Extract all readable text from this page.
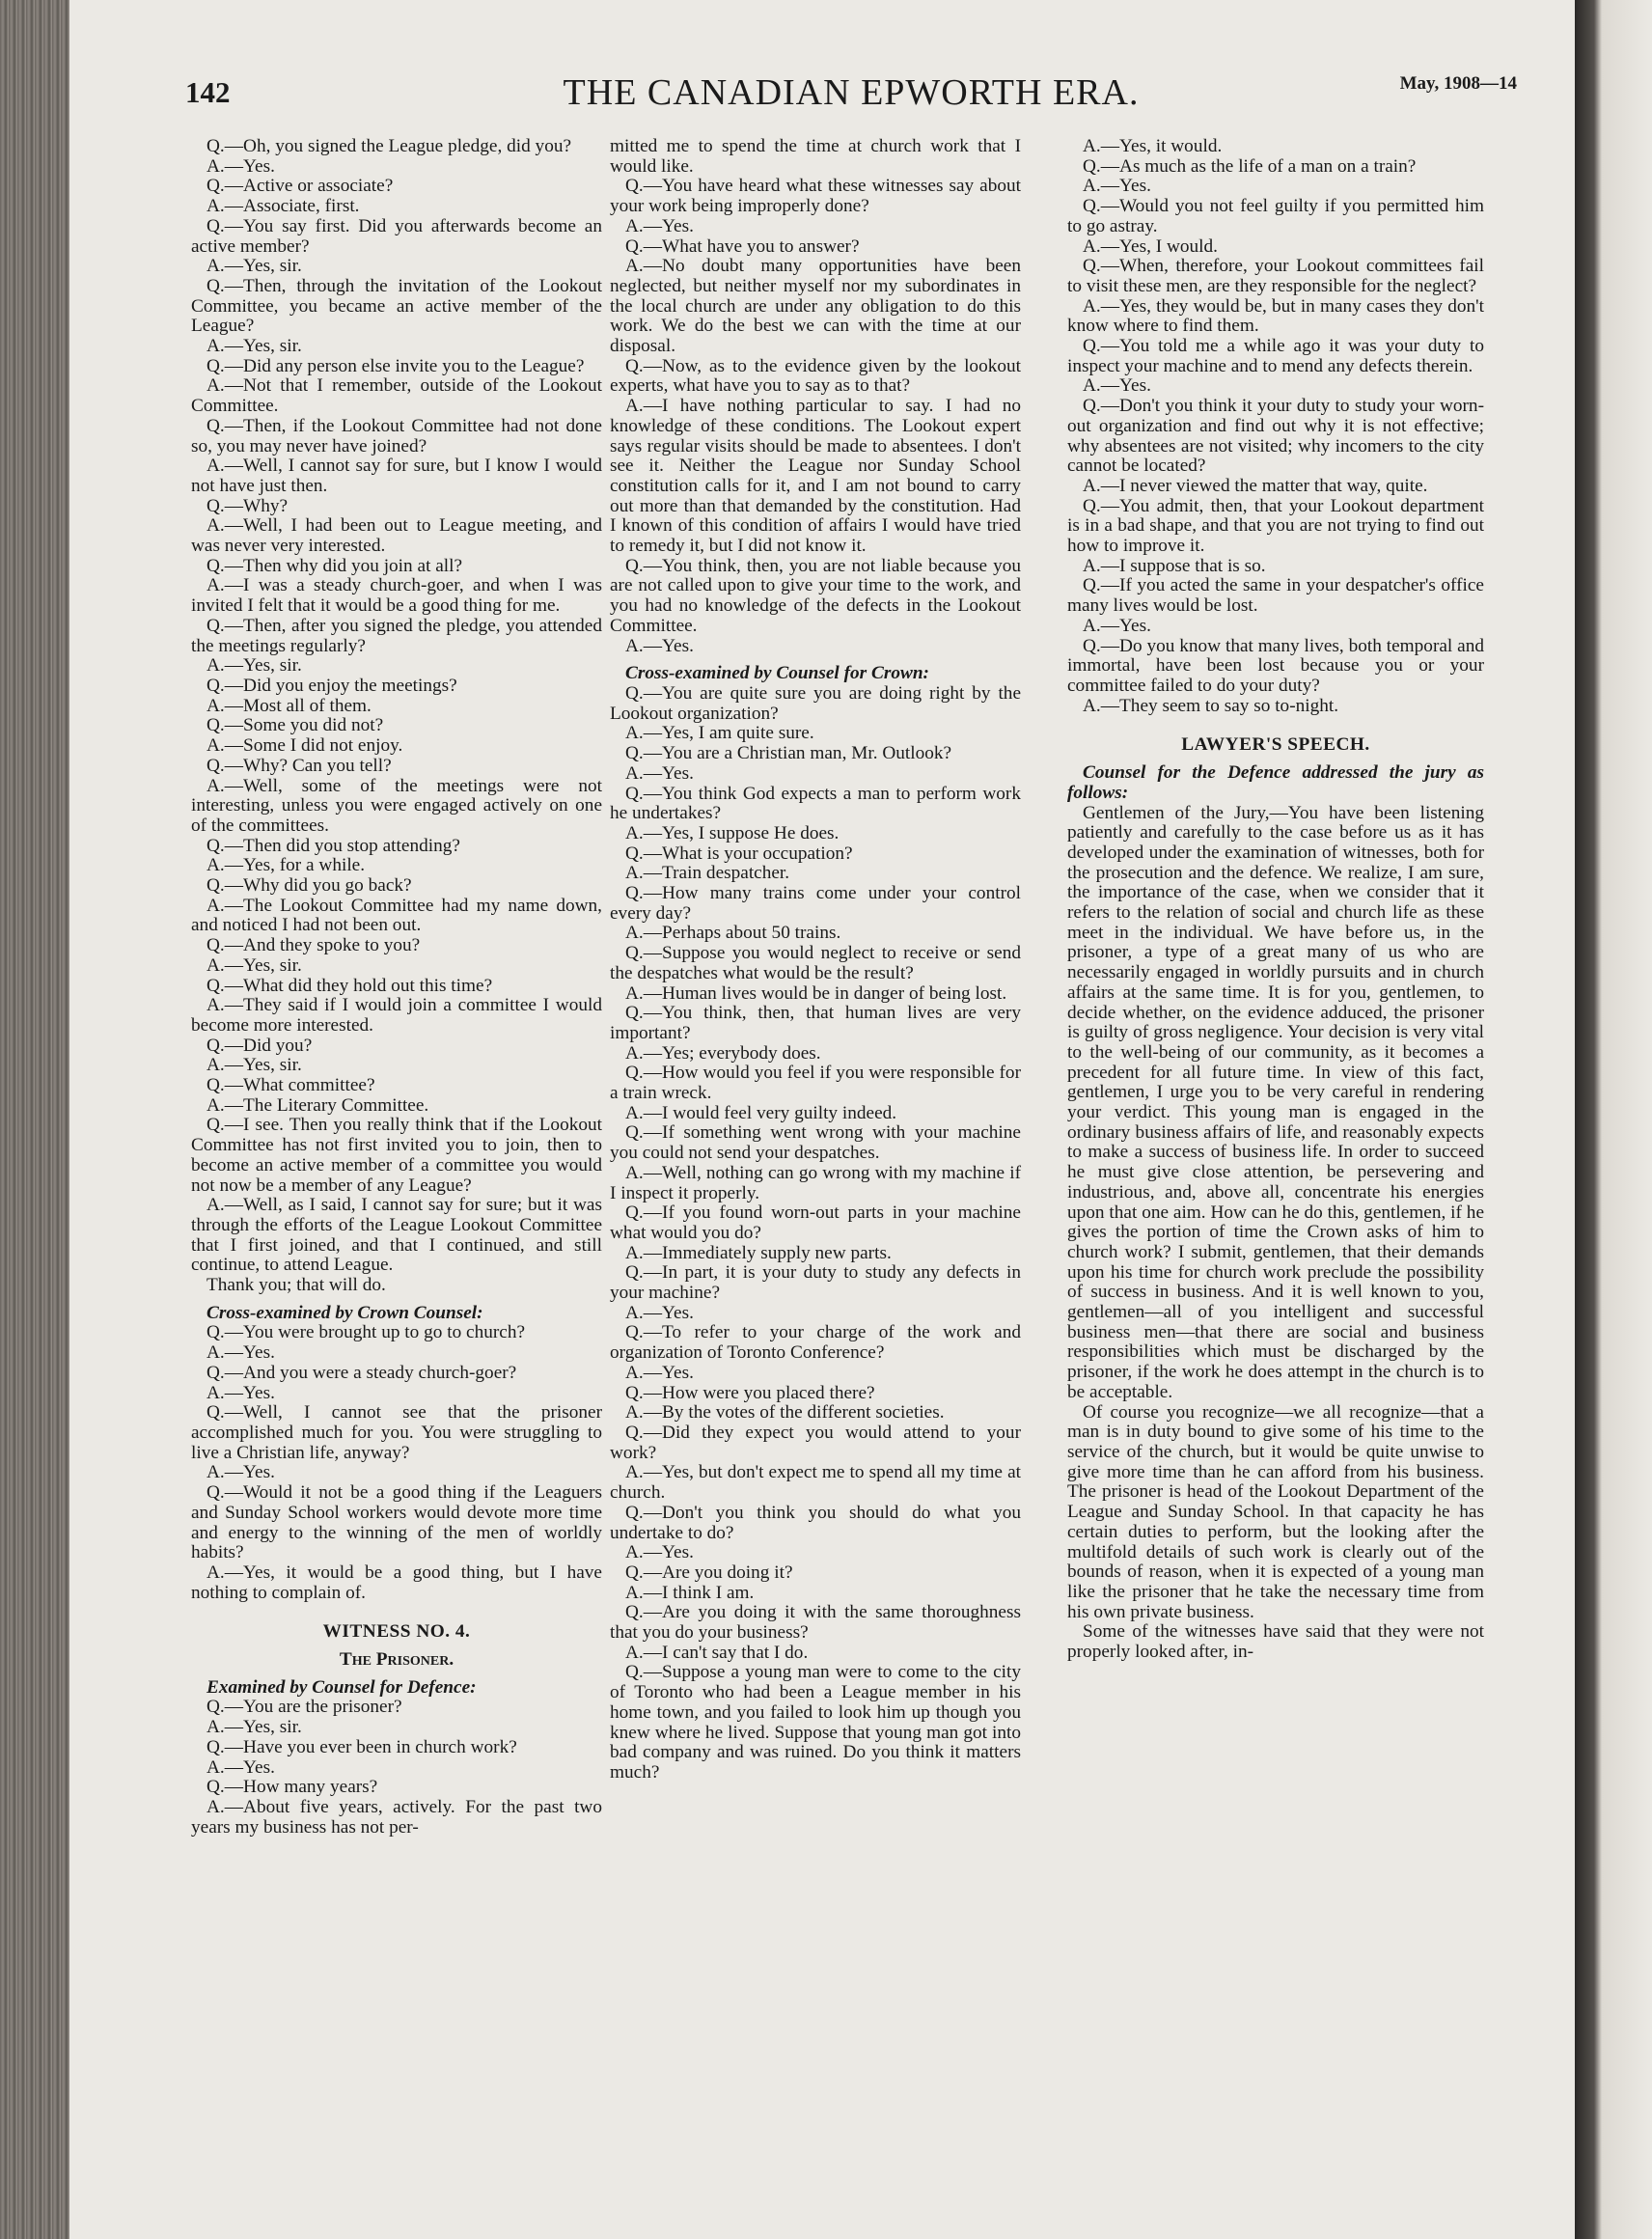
142	THE CANADIAN EPWORTH ERA.	May, 1908—14

Q.—Oh, you signed the League pledge, did you?

A.—Yes.

Q.—Active or associate?

A.—Associate, first.

Q.—You say first. Did you afterwards become an active member?

A.—Yes, sir.

Q.—Then, through the invitation of the Lookout Committee, you became an active member of the League?

A.—Yes, sir.

Q.—Did any person else invite you to the League?

A.—Not that I remember, outside of the Lookout Committee.

Q.—Then, if the Lookout Committee had not done so, you may never have joined?

A.—Well, I cannot say for sure, but I know I would not have just then.

Q.—Why?

A.—Well, I had been out to League meeting, and was never very interested.

Q.—Then why did you join at all?

A.—I was a steady church-goer, and when I was invited I felt that it would be a good thing for me.

Q.—Then, after you signed the pledge, you attended the meetings regularly?

A.—Yes, sir.

Q.—Did you enjoy the meetings?

A.—Most all of them.

Q.—Some you did not?

A.—Some I did not enjoy.

Q.—Why? Can you tell?

A.—Well, some of the meetings were not interesting, unless you were engaged actively on one of the committees.

Q.—Then did you stop attending?

A.—Yes, for a while.

Q.—Why did you go back?

A.—The Lookout Committee had my name down, and noticed I had not been out.

Q.—And they spoke to you?

A.—Yes, sir.

Q.—What did they hold out this time?

A.—They said if I would join a committee I would become more interested.

Q.—Did you?

A.—Yes, sir.

Q.—What committee?

A.—The Literary Committee.

Q.—I see. Then you really think that if the Lookout Committee has not first invited you to join, then to become an active member of a committee you would not now be a member of any League?

A.—Well, as I said, I cannot say for sure; but it was through the efforts of the League Lookout Committee that I first joined, and that I continued, and still continue, to attend League.

Thank you; that will do.

Cross-examined by Crown Counsel:

Q.—You were brought up to go to church?

A.—Yes.

Q.—And you were a steady church-goer?

A.—Yes.

Q.—Well, I cannot see that the prisoner accomplished much for you. You were struggling to live a Christian life, anyway?

A.—Yes.

Q.—Would it not be a good thing if the Leaguers and Sunday School workers would devote more time and energy to the winning of the men of worldly habits?

A.—Yes, it would be a good thing, but I have nothing to complain of.

WITNESS NO. 4.

The Prisoner.

Examined by Counsel for Defence:

Q.—You are the prisoner?

A.—Yes, sir.

Q.—Have you ever been in church work?

A.—Yes.

Q.—How many years?

A.—About five years, actively. For the past two years my business has not per-

mitted me to spend the time at church work that I would like.

Q.—You have heard what these witnesses say about your work being improperly done?

A.—Yes.

Q.—What have you to answer?

A.—No doubt many opportunities have been neglected, but neither myself nor my subordinates in the local church are under any obligation to do this work. We do the best we can with the time at our disposal.

Q.—Now, as to the evidence given by the lookout experts, what have you to say as to that?

A.—I have nothing particular to say. I had no knowledge of these conditions. The Lookout expert says regular visits should be made to absentees. I don't see it. Neither the League nor Sunday School constitution calls for it, and I am not bound to carry out more than that demanded by the constitution. Had I known of this condition of affairs I would have tried to remedy it, but I did not know it.

Q.—You think, then, you are not liable because you are not called upon to give your time to the work, and you had no knowledge of the defects in the Lookout Committee.

A.—Yes.

Cross-examined by Counsel for Crown:

Q.—You are quite sure you are doing right by the Lookout organization?

A.—Yes, I am quite sure.

Q.—You are a Christian man, Mr. Outlook?

A.—Yes.

Q.—You think God expects a man to perform work he undertakes?

A.—Yes, I suppose He does.

Q.—What is your occupation?

A.—Train despatcher.

Q.—How many trains come under your control every day?

A.—Perhaps about 50 trains.

Q.—Suppose you would neglect to receive or send the despatches what would be the result?

A.—Human lives would be in danger of being lost.

Q.—You think, then, that human lives are very important?

A.—Yes; everybody does.

Q.—How would you feel if you were responsible for a train wreck.

A.—I would feel very guilty indeed.

Q.—If something went wrong with your machine you could not send your despatches.

A.—Well, nothing can go wrong with my machine if I inspect it properly.

Q.—If you found worn-out parts in your machine what would you do?

A.—Immediately supply new parts.

Q.—In part, it is your duty to study any defects in your machine?

A.—Yes.

Q.—To refer to your charge of the work and organization of Toronto Conference?

A.—Yes.

Q.—How were you placed there?

A.—By the votes of the different societies.

Q.—Did they expect you would attend to your work?

A.—Yes, but don't expect me to spend all my time at church.

Q.—Don't you think you should do what you undertake to do?

A.—Yes.

Q.—Are you doing it?

A.—I think I am.

Q.—Are you doing it with the same thoroughness that you do your business?

A.—I can't say that I do.

Q.—Suppose a young man were to come to the city of Toronto who had been a League member in his home town, and you failed to look him up though you knew where he lived. Suppose that young man got into bad company and was ruined. Do you think it matters much?

A.—Yes, it would.

Q.—As much as the life of a man on a train?

A.—Yes.

Q.—Would you not feel guilty if you permitted him to go astray.

A.—Yes, I would.

Q.—When, therefore, your Lookout committees fail to visit these men, are they responsible for the neglect?

A.—Yes, they would be, but in many cases they don't know where to find them.

Q.—You told me a while ago it was your duty to inspect your machine and to mend any defects therein.

A.—Yes.

Q.—Don't you think it your duty to study your worn-out organization and find out why it is not effective; why absentees are not visited; why incomers to the city cannot be located?

A.—I never viewed the matter that way, quite.

Q.—You admit, then, that your Lookout department is in a bad shape, and that you are not trying to find out how to improve it.

A.—I suppose that is so.

Q.—If you acted the same in your despatcher's office many lives would be lost.

A.—Yes.

Q.—Do you know that many lives, both temporal and immortal, have been lost because you or your committee failed to do your duty?

A.—They seem to say so to-night.

LAWYER'S SPEECH.

Counsel for the Defence addressed the jury as follows:

Gentlemen of the Jury,—You have been listening patiently and carefully to the case before us as it has developed under the examination of witnesses, both for the prosecution and the defence. We realize, I am sure, the importance of the case, when we consider that it refers to the relation of social and church life as these meet in the individual. We have before us, in the prisoner, a type of a great many of us who are necessarily engaged in worldly pursuits and in church affairs at the same time. It is for you, gentlemen, to decide whether, on the evidence adduced, the prisoner is guilty of gross negligence. Your decision is very vital to the well-being of our community, as it becomes a precedent for all future time. In view of this fact, gentlemen, I urge you to be very careful in rendering your verdict. This young man is engaged in the ordinary business affairs of life, and reasonably expects to make a success of business life. In order to succeed he must give close attention, be persevering and industrious, and, above all, concentrate his energies upon that one aim. How can he do this, gentlemen, if he gives the portion of time the Crown asks of him to church work? I submit, gentlemen, that their demands upon his time for church work preclude the possibility of success in business. And it is well known to you, gentlemen—all of you intelligent and successful business men—that there are social and business responsibilities which must be discharged by the prisoner, if the work he does attempt in the church is to be acceptable.

Of course you recognize—we all recognize—that a man is in duty bound to give some of his time to the service of the church, but it would be quite unwise to give more time than he can afford from his business. The prisoner is head of the Lookout Department of the League and Sunday School. In that capacity he has certain duties to perform, but the looking after the multifold details of such work is clearly out of the bounds of reason, when it is expected of a young man like the prisoner that he take the necessary time from his own private business.

Some of the witnesses have said that they were not properly looked after, in-
